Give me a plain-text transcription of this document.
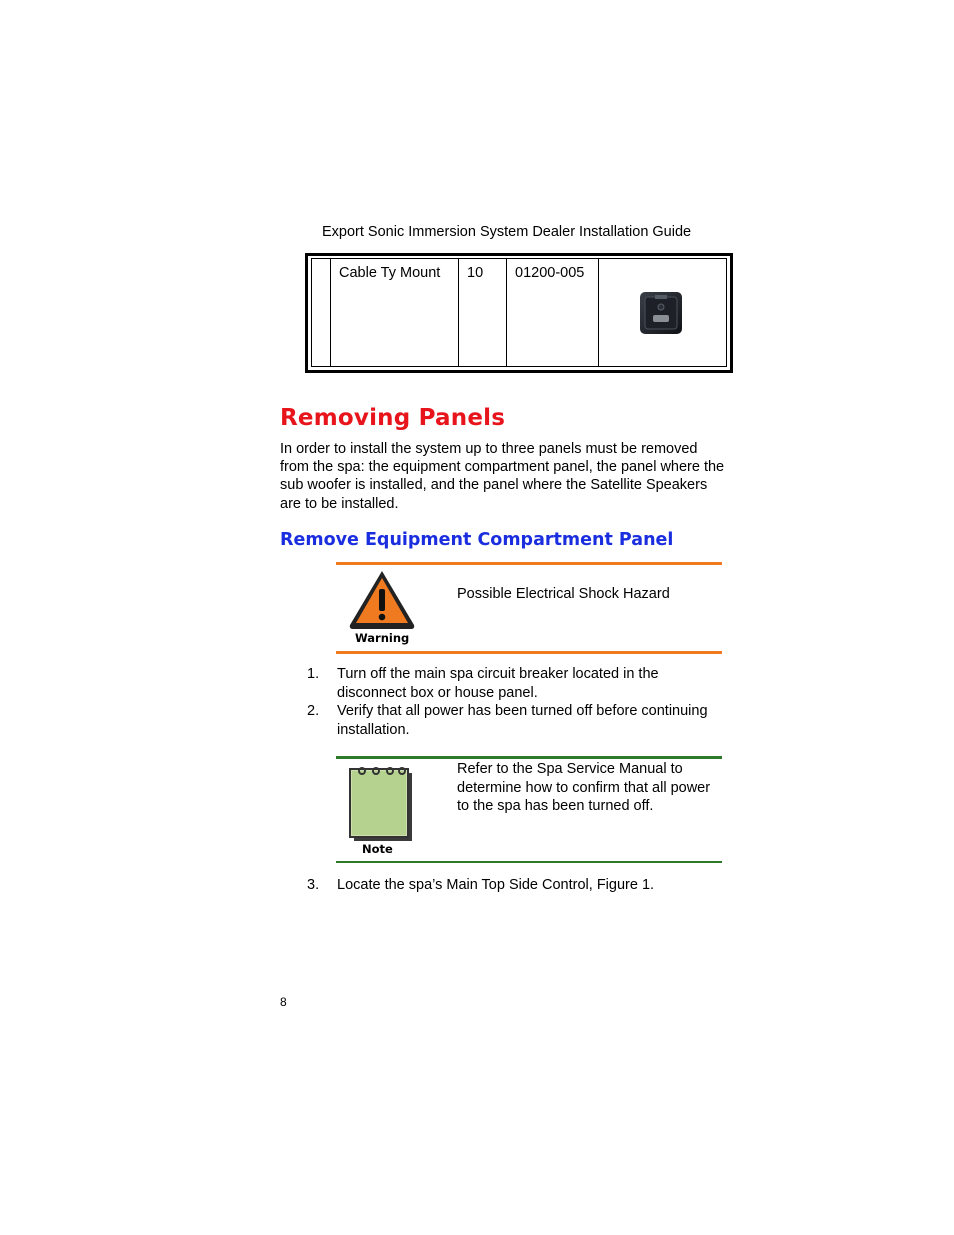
Export Sonic Immersion System Dealer Installation Guide
Cable Ty Mount	10	01200-005
Removing Panels
In order to install the system up to three panels must be removed from the spa: the equipment compartment panel, the panel where the sub woofer is installed, and the panel where the Satellite Speakers are to be installed.
Remove Equipment Compartment Panel
Warning
Possible Electrical Shock Hazard
1.	Turn off the main spa circuit breaker located in the disconnect box or house panel.
2.	Verify that all power has been turned off before continuing installation.
Note
Refer to the Spa Service Manual to determine how to confirm that all power to the spa has been turned off.
3.	Locate the spa’s Main Top Side Control, Figure 1.
8
